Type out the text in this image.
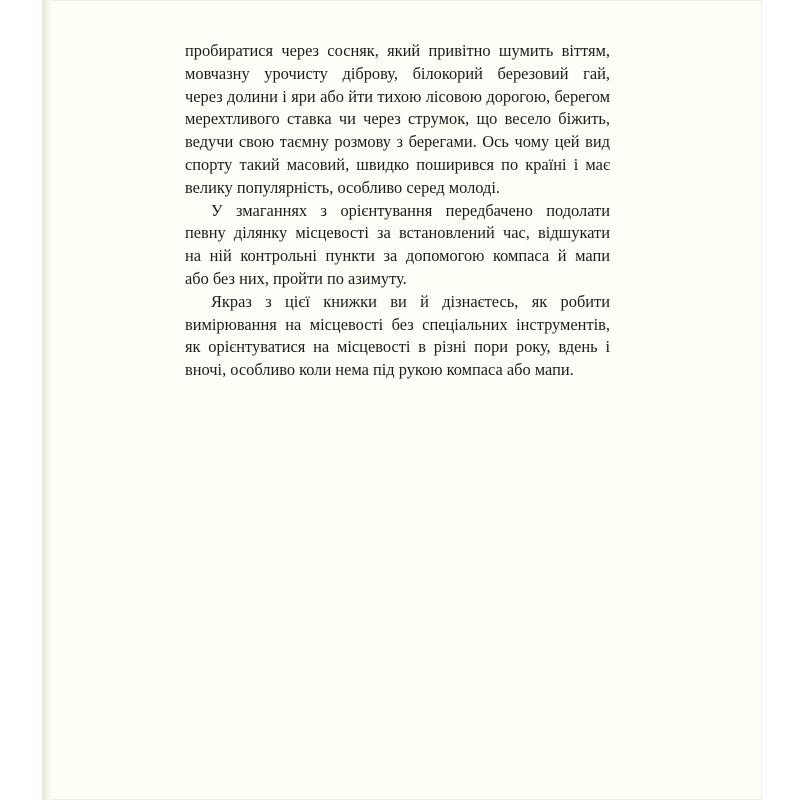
пробиратися через сосняк, який привітно шумить віттям,
мовчазну урочисту діброву, білокорий березовий гай,
через долини і яри або йти тихою лісовою дорогою, берегом
мерехтливого ставка чи через струмок, що весело біжить,
ведучи свою таємну розмову з берегами. Ось чому цей вид
спорту такий масовий, швидко поширився по країні і має
велику популярність, особливо серед молоді.

У змаганнях з орієнтування передбачено подолати
певну ділянку місцевості за встановлений час, відшукати
на ній контрольні пункти за допомогою компаса й мапи
або без них, пройти по азимуту.

Якраз з цієї книжки ви й дізнаєтесь, як робити
вимірювання на місцевості без спеціальних інструментів,
як орієнтуватися на місцевості в різні пори року, вдень і
вночі, особливо коли нема під рукою компаса або мапи.
